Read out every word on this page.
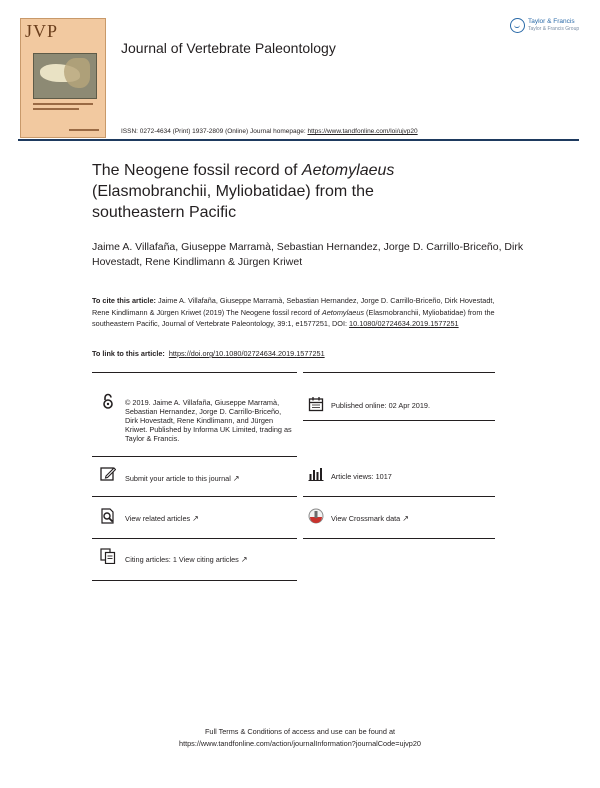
JVP
Journal of Vertebrate Paleontology
Taylor & Francis
Taylor & Francis Group
ISSN: 0272-4634 (Print) 1937-2809 (Online) Journal homepage: https://www.tandfonline.com/loi/ujvp20
The Neogene fossil record of Aetomylaeus (Elasmobranchii, Myliobatidae) from the southeastern Pacific
Jaime A. Villafaña, Giuseppe Marramà, Sebastian Hernandez, Jorge D. Carrillo-Briceño, Dirk Hovestadt, Rene Kindlimann & Jürgen Kriwet
To cite this article: Jaime A. Villafaña, Giuseppe Marramà, Sebastian Hernandez, Jorge D. Carrillo-Briceño, Dirk Hovestadt, Rene Kindlimann & Jürgen Kriwet (2019) The Neogene fossil record of Aetomylaeus (Elasmobranchii, Myliobatidae) from the southeastern Pacific, Journal of Vertebrate Paleontology, 39:1, e1577251, DOI: 10.1080/02724634.2019.1577251
To link to this article: https://doi.org/10.1080/02724634.2019.1577251
© 2019. Jaime A. Villafaña, Giuseppe Marramà, Sebastian Hernandez, Jorge D. Carrillo-Briceño, Dirk Hovestadt, Rene Kindlimann, and Jürgen Kriwet. Published by Informa UK Limited, trading as Taylor & Francis.
Published online: 02 Apr 2019.
Submit your article to this journal ↗	Article views: 1017
View related articles ↗	View Crossmark data ↗
Citing articles: 1 View citing articles ↗
Full Terms & Conditions of access and use can be found at
https://www.tandfonline.com/action/journalInformation?journalCode=ujvp20
